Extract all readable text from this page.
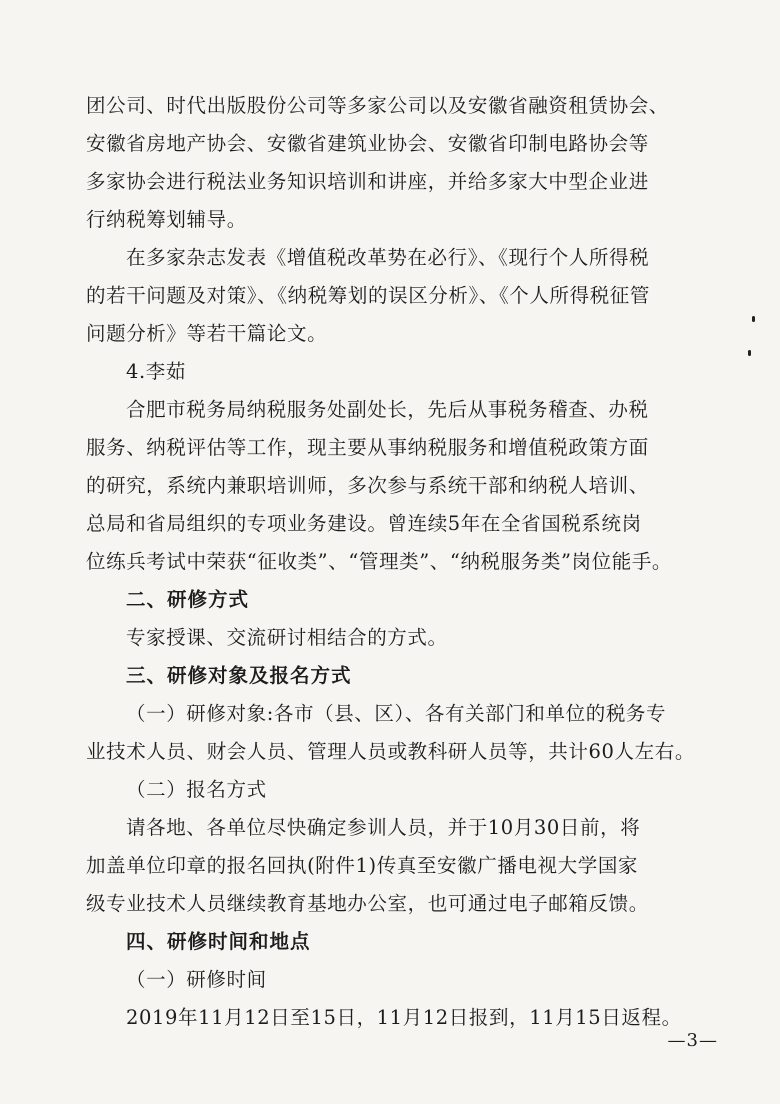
团公司、时代出版股份公司等多家公司以及安徽省融资租赁协会、
安徽省房地产协会、安徽省建筑业协会、安徽省印制电路协会等
多家协会进行税法业务知识培训和讲座，并给多家大中型企业进
行纳税筹划辅导。
在多家杂志发表《增值税改革势在必行》、《现行个人所得税
的若干问题及对策》、《纳税筹划的误区分析》、《个人所得税征管
问题分析》等若干篇论文。
4.李茹
合肥市税务局纳税服务处副处长，先后从事税务稽查、办税
服务、纳税评估等工作，现主要从事纳税服务和增值税政策方面
的研究，系统内兼职培训师，多次参与系统干部和纳税人培训、
总局和省局组织的专项业务建设。曾连续5年在全省国税系统岗
位练兵考试中荣获“征收类”、“管理类”、“纳税服务类”岗位能手。
二、研修方式
专家授课、交流研讨相结合的方式。
三、研修对象及报名方式
（一）研修对象:各市（县、区）、各有关部门和单位的税务专
业技术人员、财会人员、管理人员或教科研人员等，共计60人左右。
（二）报名方式
请各地、各单位尽快确定参训人员，并于10月30日前，将
加盖单位印章的报名回执(附件1)传真至安徽广播电视大学国家
级专业技术人员继续教育基地办公室，也可通过电子邮箱反馈。
四、研修时间和地点
（一）研修时间
2019年11月12日至15日，11月12日报到，11月15日返程。
—3—
